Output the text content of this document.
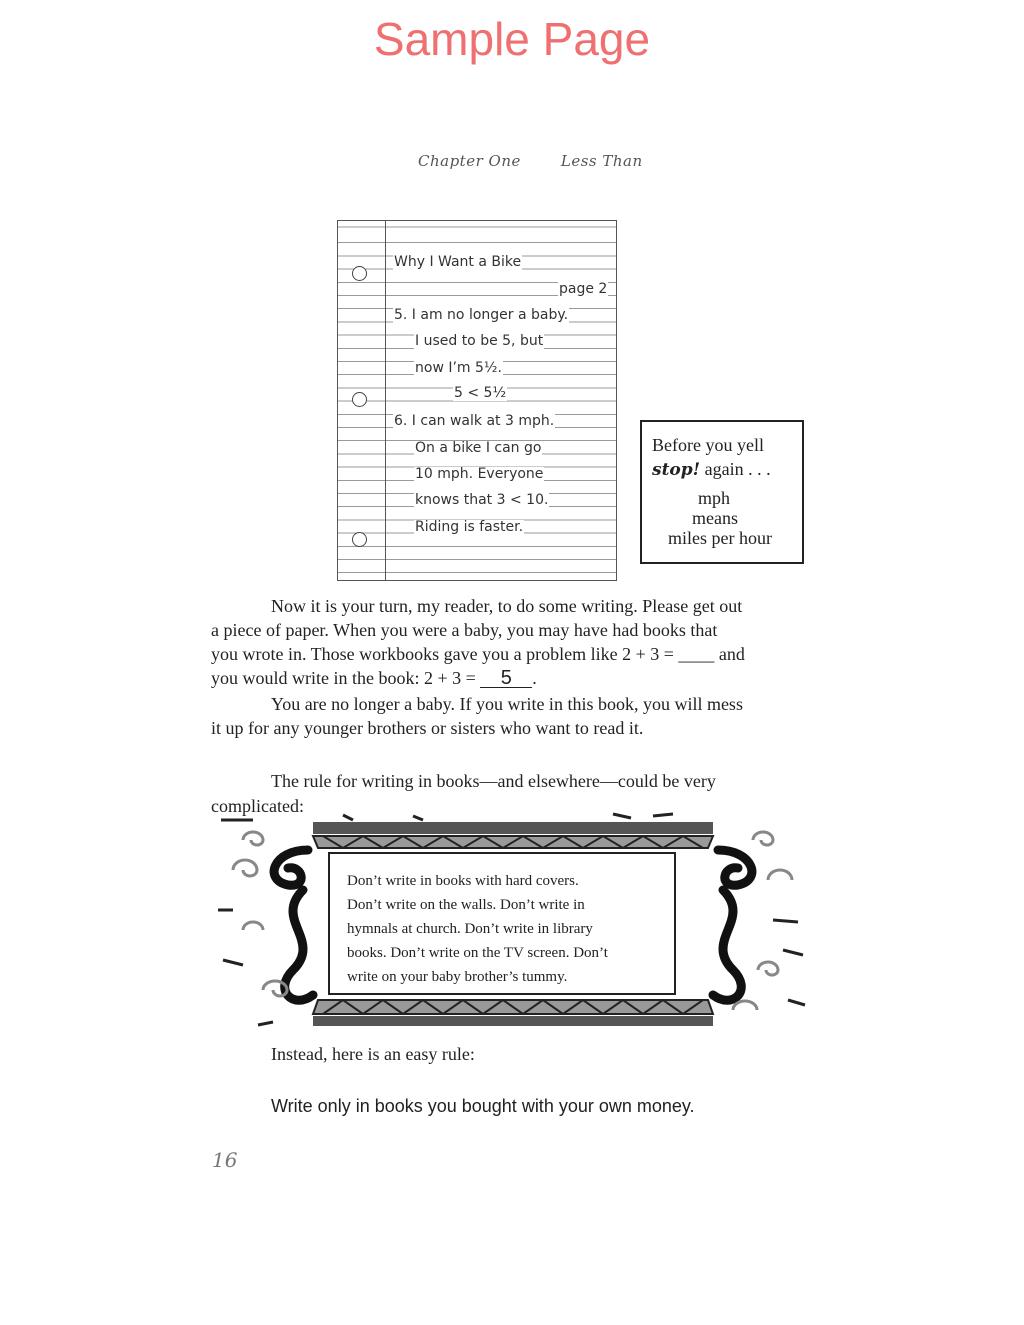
Sample Page
Chapter One	Less Than
Why I Want a Bike
page 2
5. I am no longer a baby.
I used to be 5, but
now I’m 5½.
5 < 5½
6. I can walk at 3 mph.
On a bike I can go
10 mph. Everyone
knows that 3 < 10.
Riding is faster.
Before you yell
stop! again . . .
mph
means
miles per hour
Now it is your turn, my reader, to do some writing. Please get out
a piece of paper. When you were a baby, you may have had books that
you wrote in. Those workbooks gave you a problem like 2 + 3 = ____ and
you would write in the book: 2 + 3 = 5 .
You are no longer a baby. If you write in this book, you will mess
it up for any younger brothers or sisters who want to read it.
The rule for writing in books—and elsewhere—could be very
complicated:
Don’t write in books with hard covers.
Don’t write on the walls. Don’t write in
hymnals at church. Don’t write in library
books. Don’t write on the TV screen. Don’t
write on your baby brother’s tummy.
Instead, here is an easy rule:
Write only in books you bought with your own money.
16
